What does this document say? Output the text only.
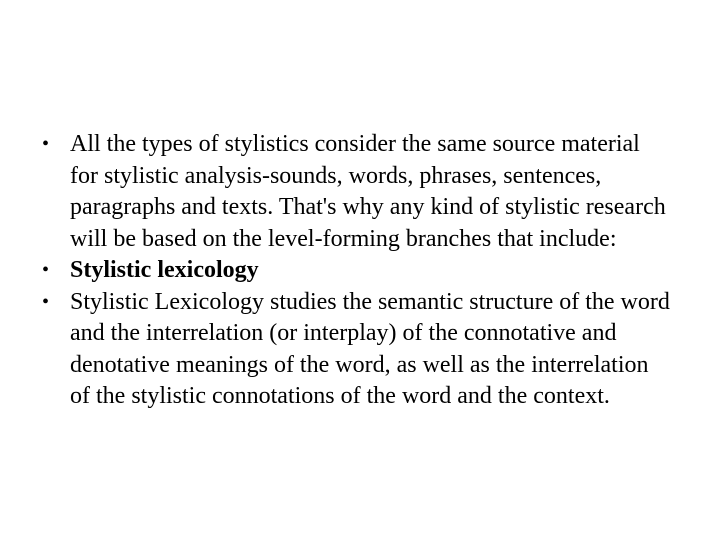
• All the types of stylistics consider the same source material for stylistic analysis-sounds, words, phrases, sentences, paragraphs and texts. That's why any kind of stylistic research will be based on the level-forming branches that include:
• Stylistic lexicology
• Stylistic Lexicology studies the semantic structure of the word and the interrelation (or interplay) of the connotative and denotative meanings of the word, as well as the interrelation of the stylistic connotations of the word and the context.
